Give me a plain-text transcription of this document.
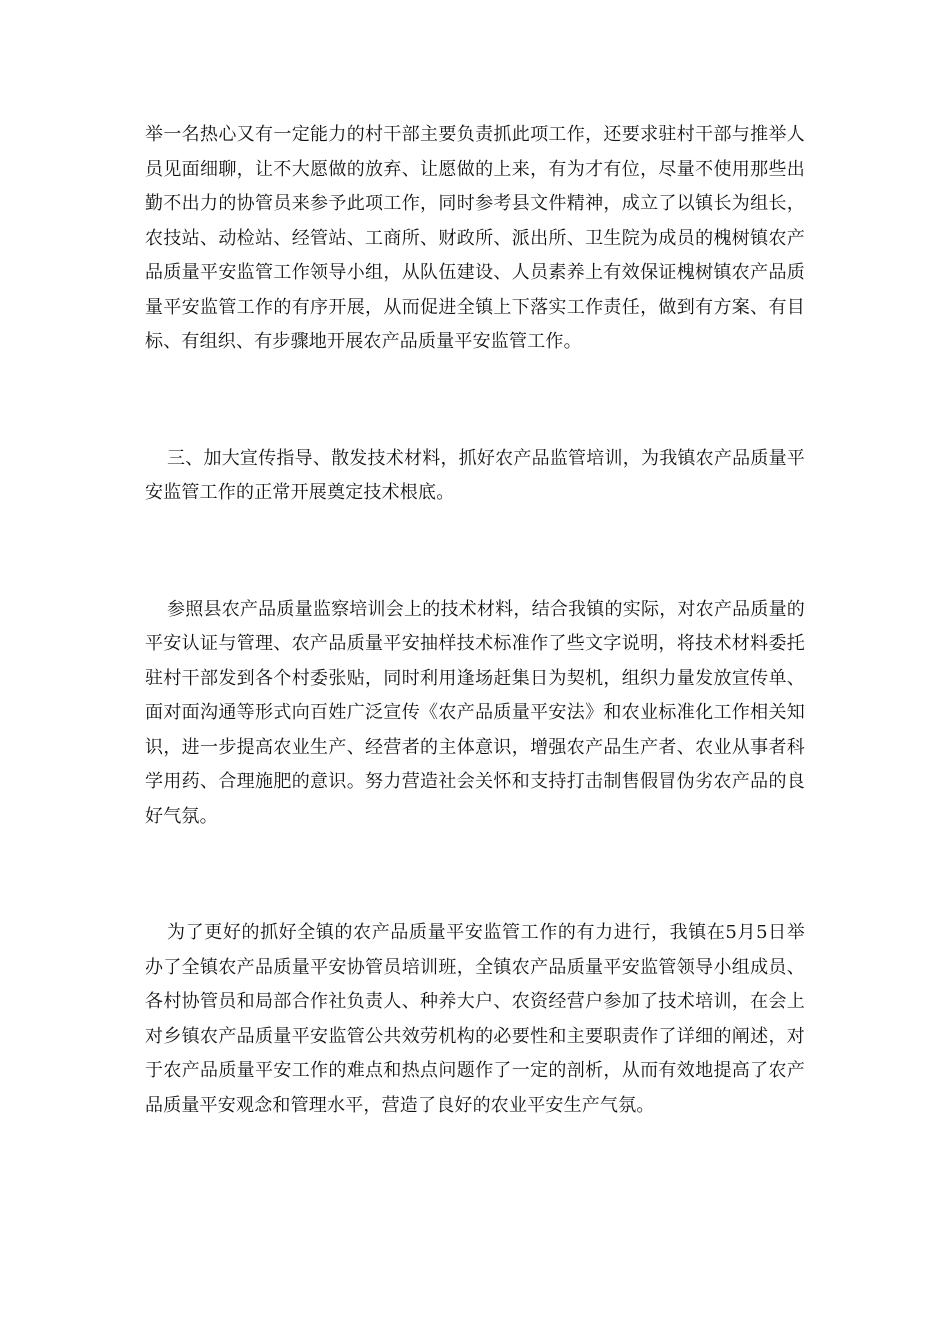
举一名热心又有一定能力的村干部主要负责抓此项工作，还要求驻村干部与推举人员见面细聊，让不大愿做的放弃、让愿做的上来，有为才有位，尽量不使用那些出勤不出力的协管员来参予此项工作，同时参考县文件精神，成立了以镇长为组长，农技站、动检站、经管站、工商所、财政所、派出所、卫生院为成员的槐树镇农产品质量平安监管工作领导小组，从队伍建设、人员素养上有效保证槐树镇农产品质量平安监管工作的有序开展，从而促进全镇上下落实工作责任，做到有方案、有目标、有组织、有步骤地开展农产品质量平安监管工作。

三、加大宣传指导、散发技术材料，抓好农产品监管培训，为我镇农产品质量平安监管工作的正常开展奠定技术根底。

参照县农产品质量监察培训会上的技术材料，结合我镇的实际，对农产品质量的平安认证与管理、农产品质量平安抽样技术标准作了些文字说明，将技术材料委托驻村干部发到各个村委张贴，同时利用逢场赶集日为契机，组织力量发放宣传单、面对面沟通等形式向百姓广泛宣传《农产品质量平安法》和农业标准化工作相关知识，进一步提高农业生产、经营者的主体意识，增强农产品生产者、农业从事者科学用药、合理施肥的意识。努力营造社会关怀和支持打击制售假冒伪劣农产品的良好气氛。

为了更好的抓好全镇的农产品质量平安监管工作的有力进行，我镇在5月5日举办了全镇农产品质量平安协管员培训班，全镇农产品质量平安监管领导小组成员、各村协管员和局部合作社负责人、种养大户、农资经营户参加了技术培训，在会上对乡镇农产品质量平安监管公共效劳机构的必要性和主要职责作了详细的阐述，对于农产品质量平安工作的难点和热点问题作了一定的剖析，从而有效地提高了农产品质量平安观念和管理水平，营造了良好的农业平安生产气氛。
